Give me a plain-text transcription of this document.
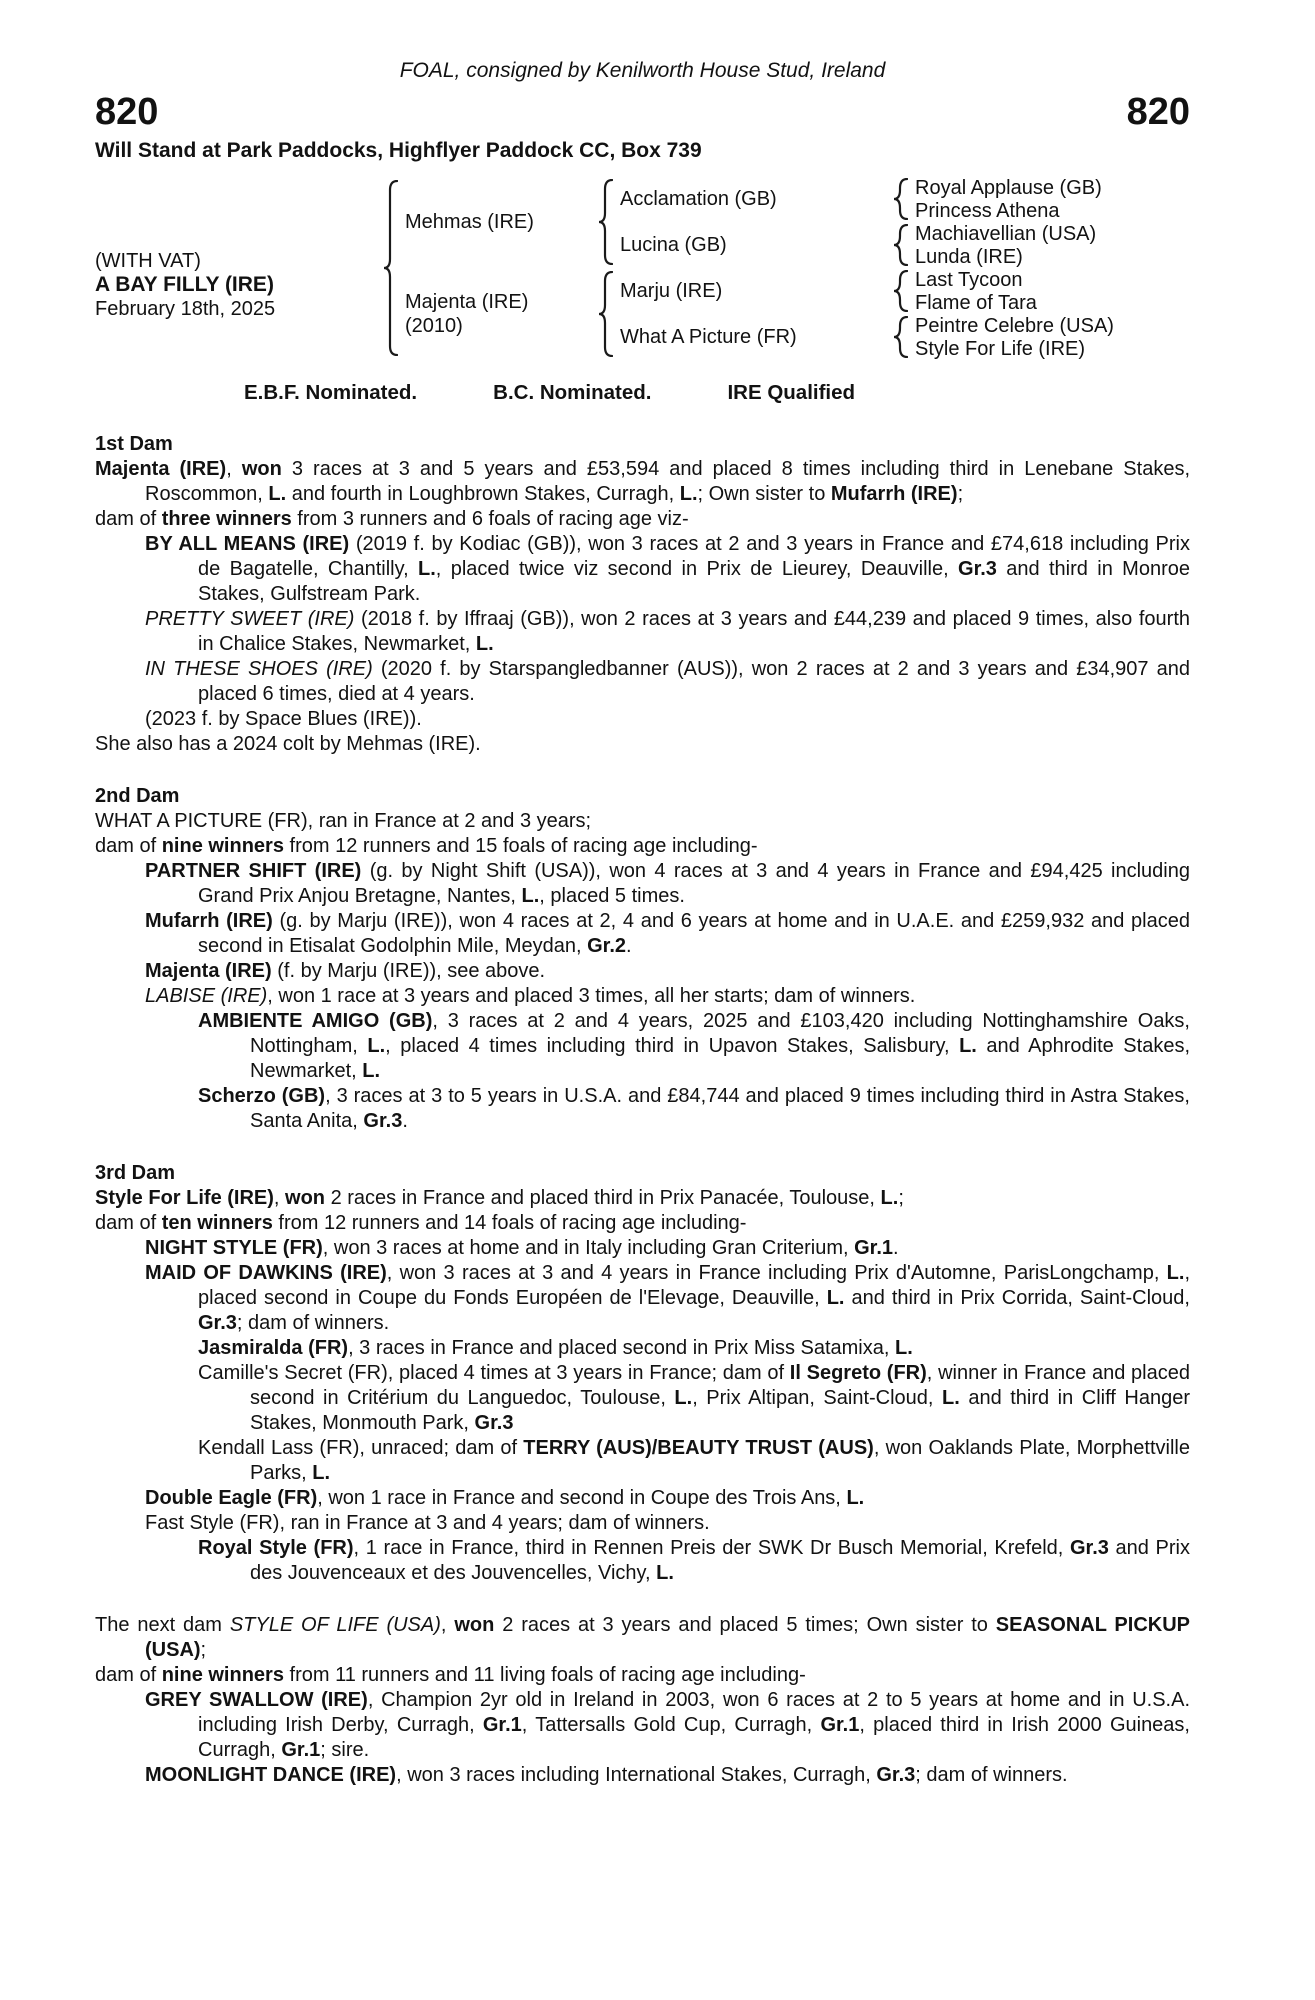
FOAL, consigned by Kenilworth House Stud, Ireland
820	820
Will Stand at Park Paddocks, Highflyer Paddock CC, Box 739
(WITH VAT)
A BAY FILLY (IRE)
February 18th, 2025
Mehmas (IRE)
Majenta (IRE)
(2010)
Acclamation (GB)
Lucina (GB)
Marju (IRE)
What A Picture (FR)
Royal Applause (GB)
Princess Athena
Machiavellian (USA)
Lunda (IRE)
Last Tycoon
Flame of Tara
Peintre Celebre (USA)
Style For Life (IRE)
E.B.F. Nominated.	B.C. Nominated.	IRE Qualified
1st Dam
Majenta (IRE), won 3 races at 3 and 5 years and £53,594 and placed 8 times including third in Lenebane Stakes, Roscommon, L. and fourth in Loughbrown Stakes, Curragh, L.; Own sister to Mufarrh (IRE);
dam of three winners from 3 runners and 6 foals of racing age viz-
BY ALL MEANS (IRE) (2019 f. by Kodiac (GB)), won 3 races at 2 and 3 years in France and £74,618 including Prix de Bagatelle, Chantilly, L., placed twice viz second in Prix de Lieurey, Deauville, Gr.3 and third in Monroe Stakes, Gulfstream Park.
PRETTY SWEET (IRE) (2018 f. by Iffraaj (GB)), won 2 races at 3 years and £44,239 and placed 9 times, also fourth in Chalice Stakes, Newmarket, L.
IN THESE SHOES (IRE) (2020 f. by Starspangledbanner (AUS)), won 2 races at 2 and 3 years and £34,907 and placed 6 times, died at 4 years.
(2023 f. by Space Blues (IRE)).
She also has a 2024 colt by Mehmas (IRE).
2nd Dam
WHAT A PICTURE (FR), ran in France at 2 and 3 years;
dam of nine winners from 12 runners and 15 foals of racing age including-
PARTNER SHIFT (IRE) (g. by Night Shift (USA)), won 4 races at 3 and 4 years in France and £94,425 including Grand Prix Anjou Bretagne, Nantes, L., placed 5 times.
Mufarrh (IRE) (g. by Marju (IRE)), won 4 races at 2, 4 and 6 years at home and in U.A.E. and £259,932 and placed second in Etisalat Godolphin Mile, Meydan, Gr.2.
Majenta (IRE) (f. by Marju (IRE)), see above.
LABISE (IRE), won 1 race at 3 years and placed 3 times, all her starts; dam of winners.
AMBIENTE AMIGO (GB), 3 races at 2 and 4 years, 2025 and £103,420 including Nottinghamshire Oaks, Nottingham, L., placed 4 times including third in Upavon Stakes, Salisbury, L. and Aphrodite Stakes, Newmarket, L.
Scherzo (GB), 3 races at 3 to 5 years in U.S.A. and £84,744 and placed 9 times including third in Astra Stakes, Santa Anita, Gr.3.
3rd Dam
Style For Life (IRE), won 2 races in France and placed third in Prix Panacée, Toulouse, L.;
dam of ten winners from 12 runners and 14 foals of racing age including-
NIGHT STYLE (FR), won 3 races at home and in Italy including Gran Criterium, Gr.1.
MAID OF DAWKINS (IRE), won 3 races at 3 and 4 years in France including Prix d'Automne, ParisLongchamp, L., placed second in Coupe du Fonds Européen de l'Elevage, Deauville, L. and third in Prix Corrida, Saint-Cloud, Gr.3; dam of winners.
Jasmiralda (FR), 3 races in France and placed second in Prix Miss Satamixa, L.
Camille's Secret (FR), placed 4 times at 3 years in France; dam of Il Segreto (FR), winner in France and placed second in Critérium du Languedoc, Toulouse, L., Prix Altipan, Saint-Cloud, L. and third in Cliff Hanger Stakes, Monmouth Park, Gr.3
Kendall Lass (FR), unraced; dam of TERRY (AUS)/BEAUTY TRUST (AUS), won Oaklands Plate, Morphettville Parks, L.
Double Eagle (FR), won 1 race in France and second in Coupe des Trois Ans, L.
Fast Style (FR), ran in France at 3 and 4 years; dam of winners.
Royal Style (FR), 1 race in France, third in Rennen Preis der SWK Dr Busch Memorial, Krefeld, Gr.3 and Prix des Jouvenceaux et des Jouvencelles, Vichy, L.
The next dam STYLE OF LIFE (USA), won 2 races at 3 years and placed 5 times; Own sister to SEASONAL PICKUP (USA);
dam of nine winners from 11 runners and 11 living foals of racing age including-
GREY SWALLOW (IRE), Champion 2yr old in Ireland in 2003, won 6 races at 2 to 5 years at home and in U.S.A. including Irish Derby, Curragh, Gr.1, Tattersalls Gold Cup, Curragh, Gr.1, placed third in Irish 2000 Guineas, Curragh, Gr.1; sire.
MOONLIGHT DANCE (IRE), won 3 races including International Stakes, Curragh, Gr.3; dam of winners.
